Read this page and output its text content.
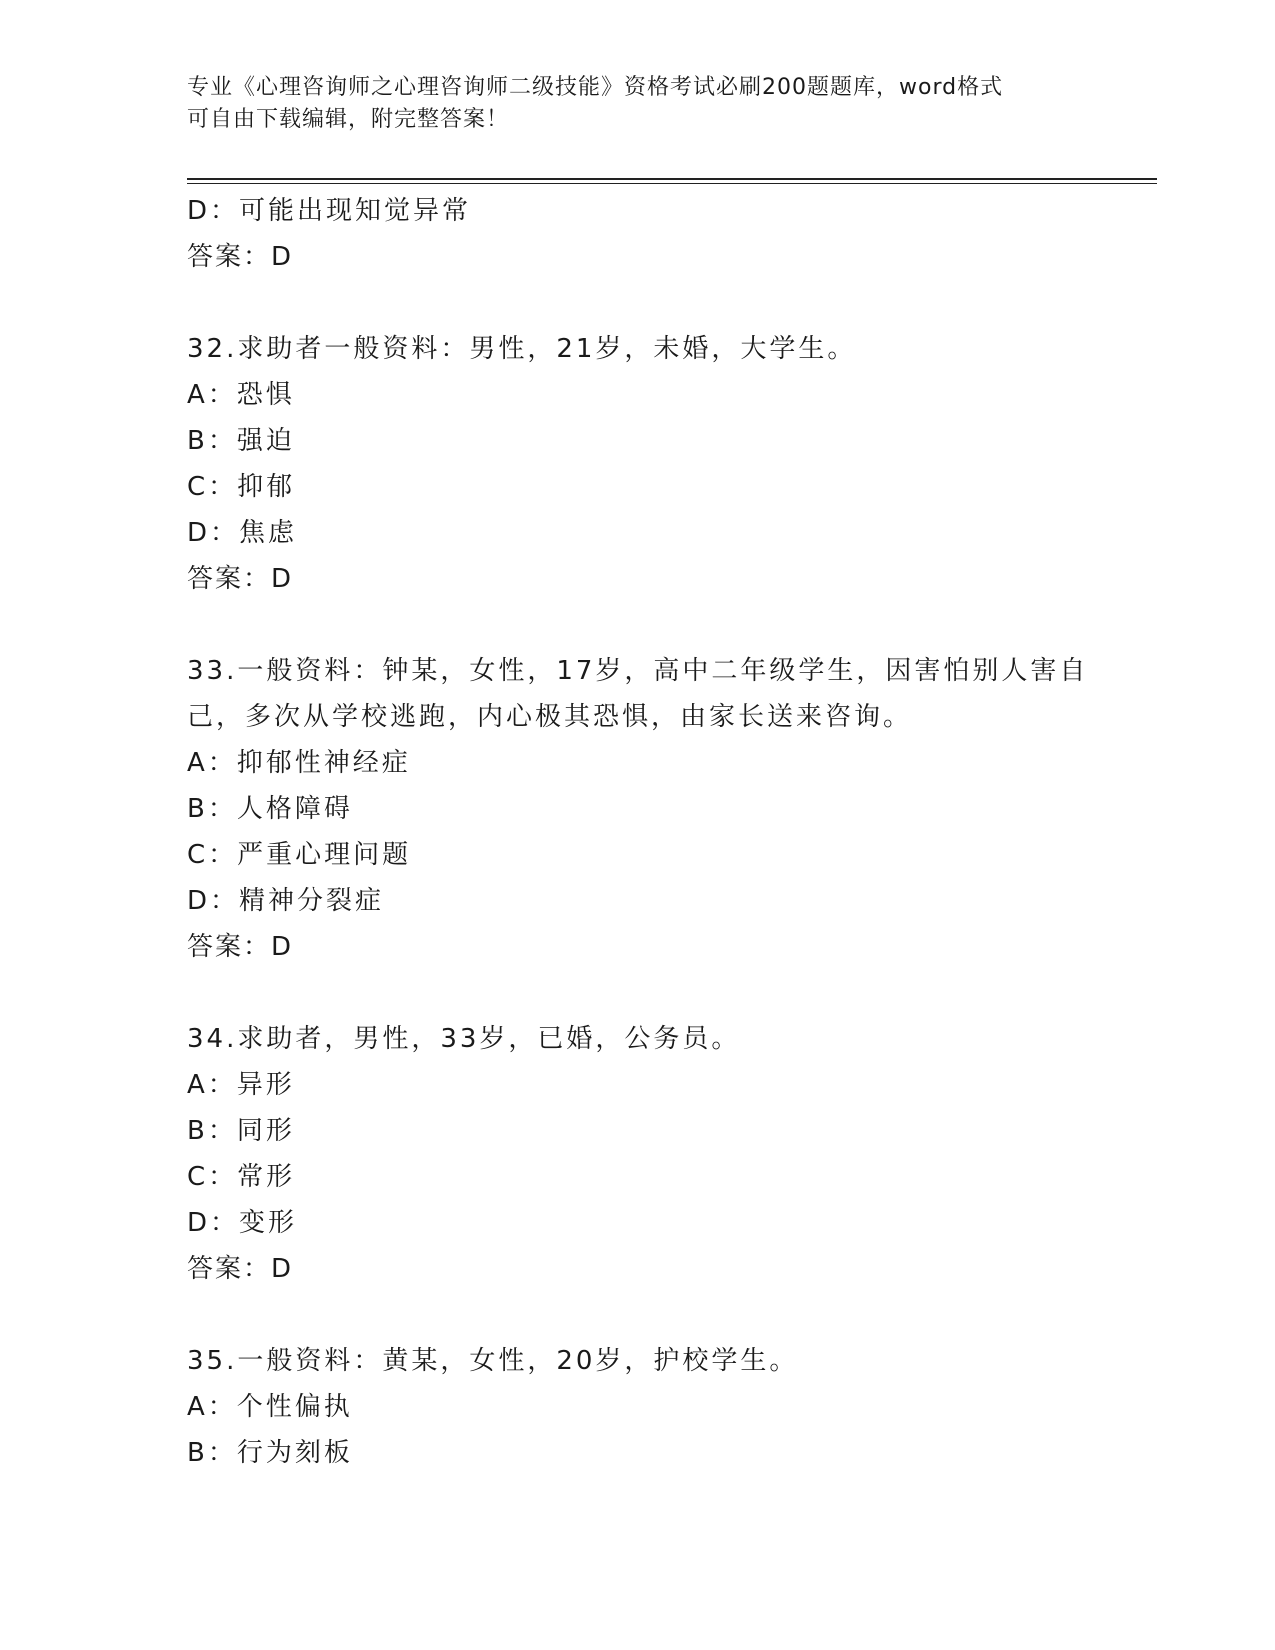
专业《心理咨询师之心理咨询师二级技能》资格考试必刷200题题库，word格式
可自由下载编辑，附完整答案！
D：可能出现知觉异常
答案：D
32.求助者一般资料：男性，21岁，未婚，大学生。
A：恐惧
B：强迫
C：抑郁
D：焦虑
答案：D
33.一般资料：钟某，女性，17岁，高中二年级学生，因害怕别人害自
己，多次从学校逃跑，内心极其恐惧，由家长送来咨询。
A：抑郁性神经症
B：人格障碍
C：严重心理问题
D：精神分裂症
答案：D
34.求助者，男性，33岁，已婚，公务员。
A：异形
B：同形
C：常形
D：变形
答案：D
35.一般资料：黄某，女性，20岁，护校学生。
A：个性偏执
B：行为刻板
